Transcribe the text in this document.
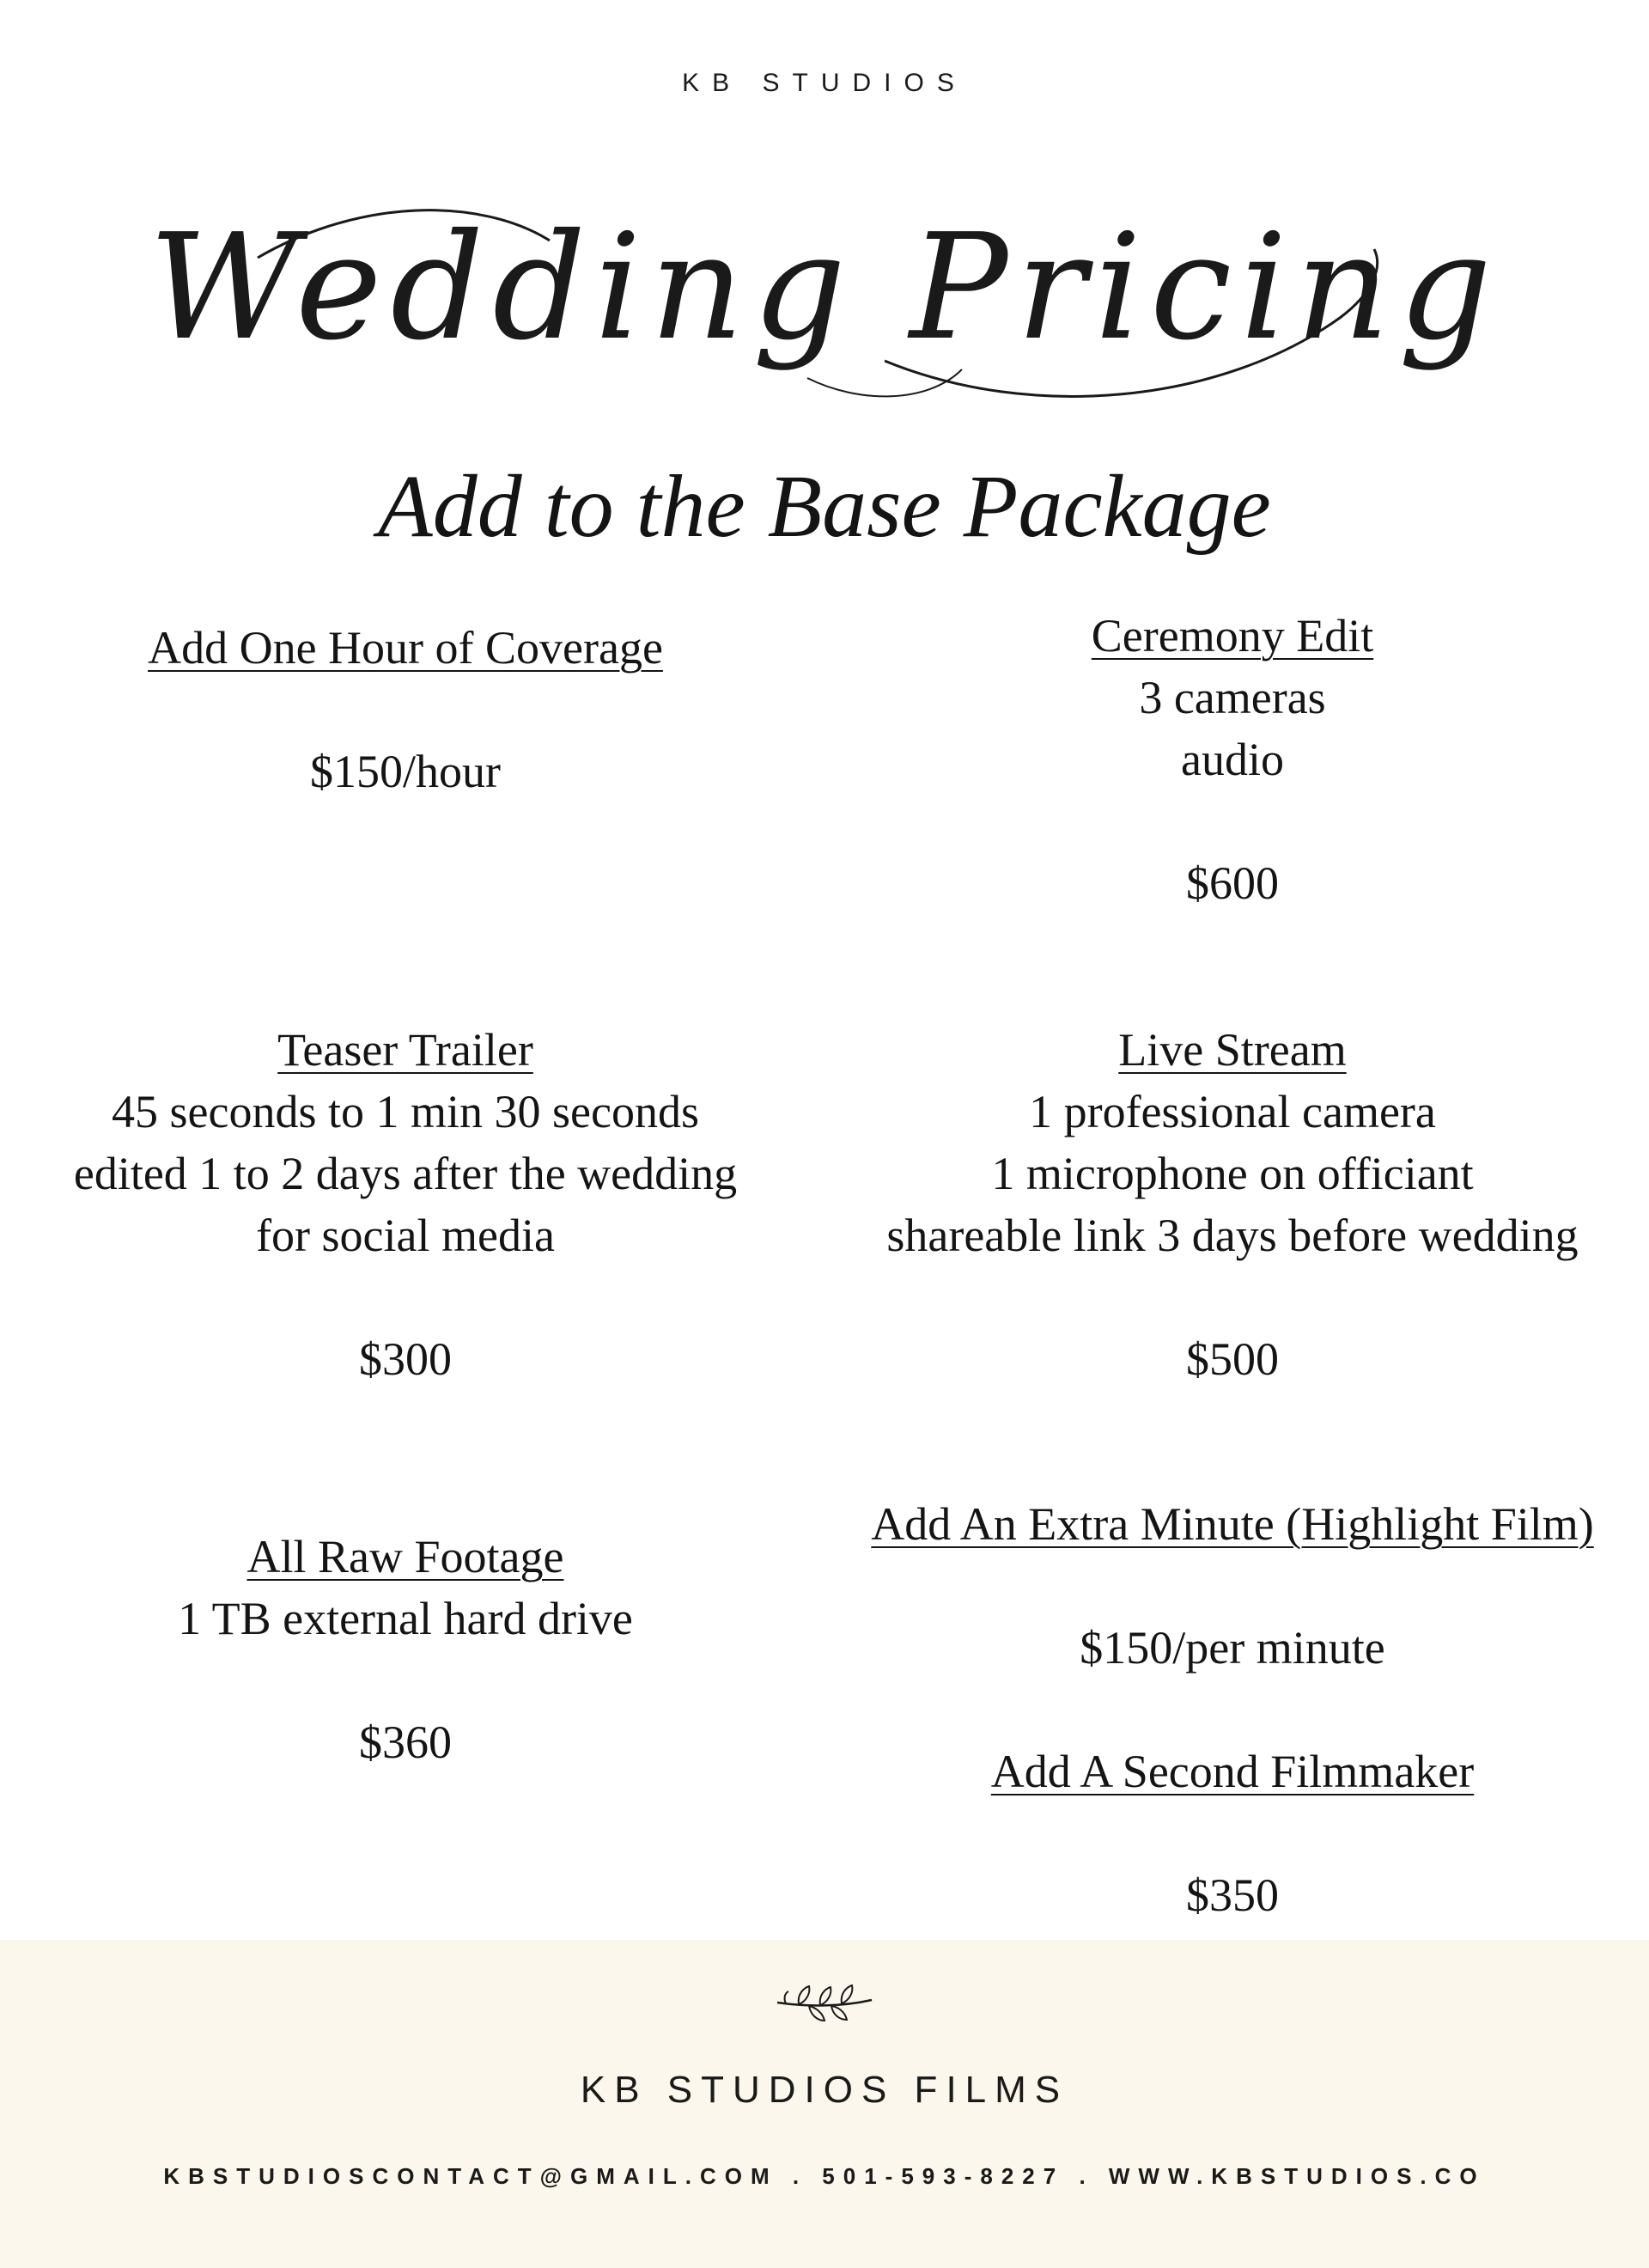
KB STUDIOS
Wedding Pricing
Add to the Base Package
Add One Hour of Coverage
$150/hour
Ceremony Edit
3 cameras
audio
$600
Teaser Trailer
45 seconds to 1 min 30 seconds
edited 1 to 2 days after the wedding
for social media
$300
Live Stream
1 professional camera
1 microphone on officiant
shareable link 3 days before wedding
$500
All Raw Footage
1 TB external hard drive
$360
Add An Extra Minute (Highlight Film)
$150/per minute
Add A Second Filmmaker
$350
KB STUDIOS FILMS
KBSTUDIOSCONTACT@GMAIL.COM . 501-593-8227 . WWW.KBSTUDIOS.CO
